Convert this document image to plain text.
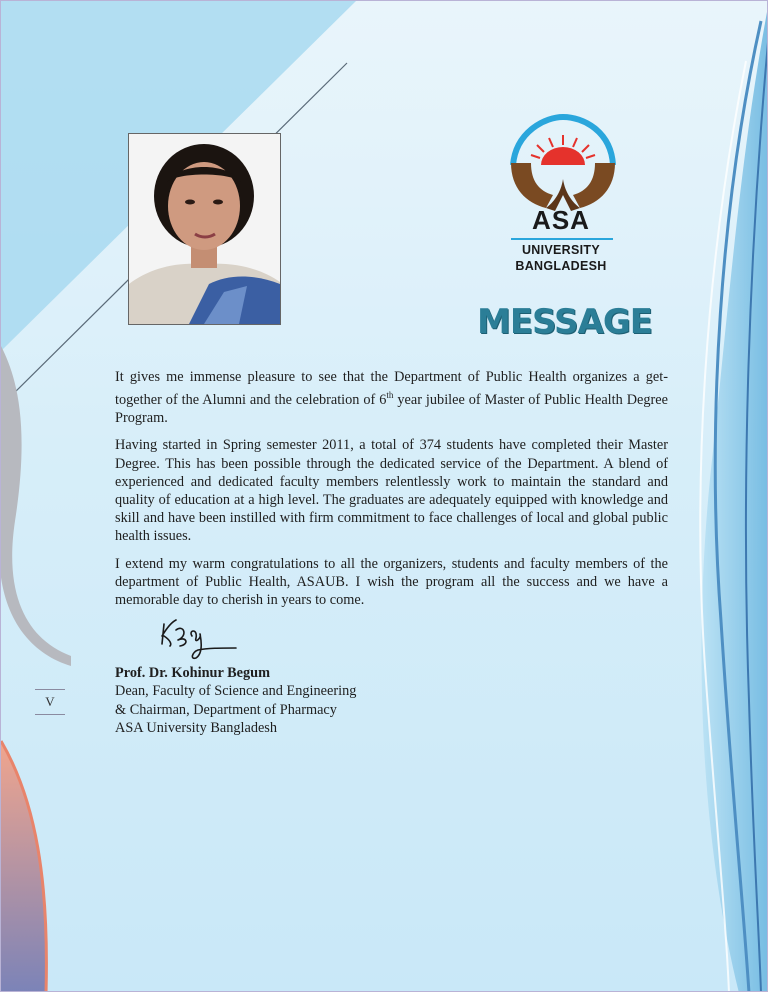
ASA
UNIVERSITY
BANGLADESH
MESSAGE

It gives me immense pleasure to see that the Department of Public Health organizes a get-together of the Alumni and the celebration of 6th year jubilee of Master of Public Health Degree Program.

Having started in Spring semester 2011, a total of 374 students have completed their Master Degree. This has been possible through the dedicated service of the Department. A blend of experienced and dedicated faculty members relentlessly work to maintain the standard and quality of education at a high level. The graduates are adequately equipped with knowledge and skill and have been instilled with firm commitment to face challenges of local and global public health issues.

I extend my warm congratulations to all the organizers, students and faculty members of the department of Public Health, ASAUB. I wish the program all the success and we have a memorable day to cherish in years to come.

Prof. Dr. Kohinur Begum
Dean, Faculty of Science and Engineering
& Chairman, Department of Pharmacy
ASA University Bangladesh
V
